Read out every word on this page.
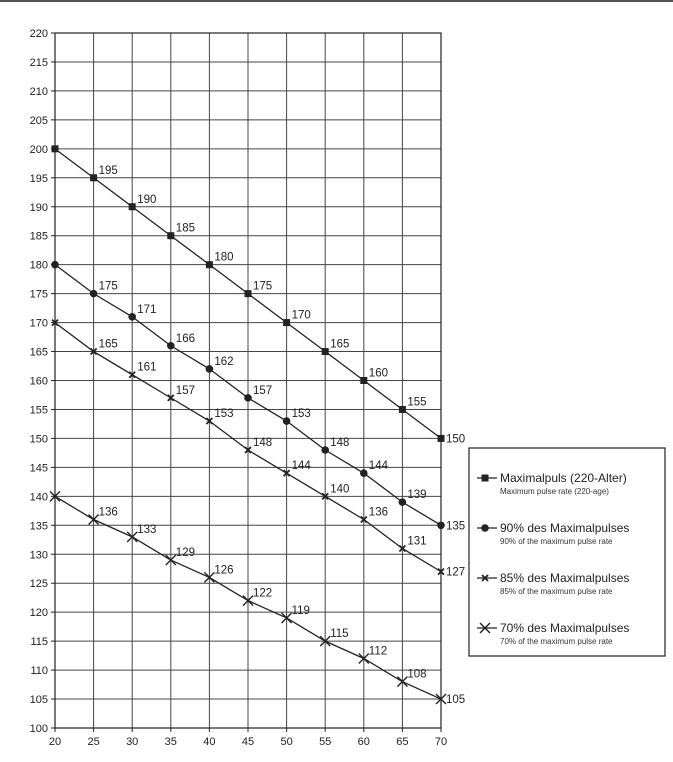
100
105
110
115
120
125
130
135
140
145
150
155
160
165
170
175
180
185
190
195
200
205
210
215
220
20 25 30 35 40 45 50 55 60 65 70
195
190
185
180
175
170
165
160
155
150
175
171
166
162
157
153
148
144
139
135
165
161
157
153
148
144
140
136
131
127
136
133
129
126
122
119
115
112
108
105
Maximalpuls (220-Alter)
Maximum pulse rate (220-age)
90% des Maximalpulses
90% of the maximum pulse rate
85% des Maximalpulses
85% of the maximum pulse rate
70% des Maximalpulses
70% of the maximum pulse rate
